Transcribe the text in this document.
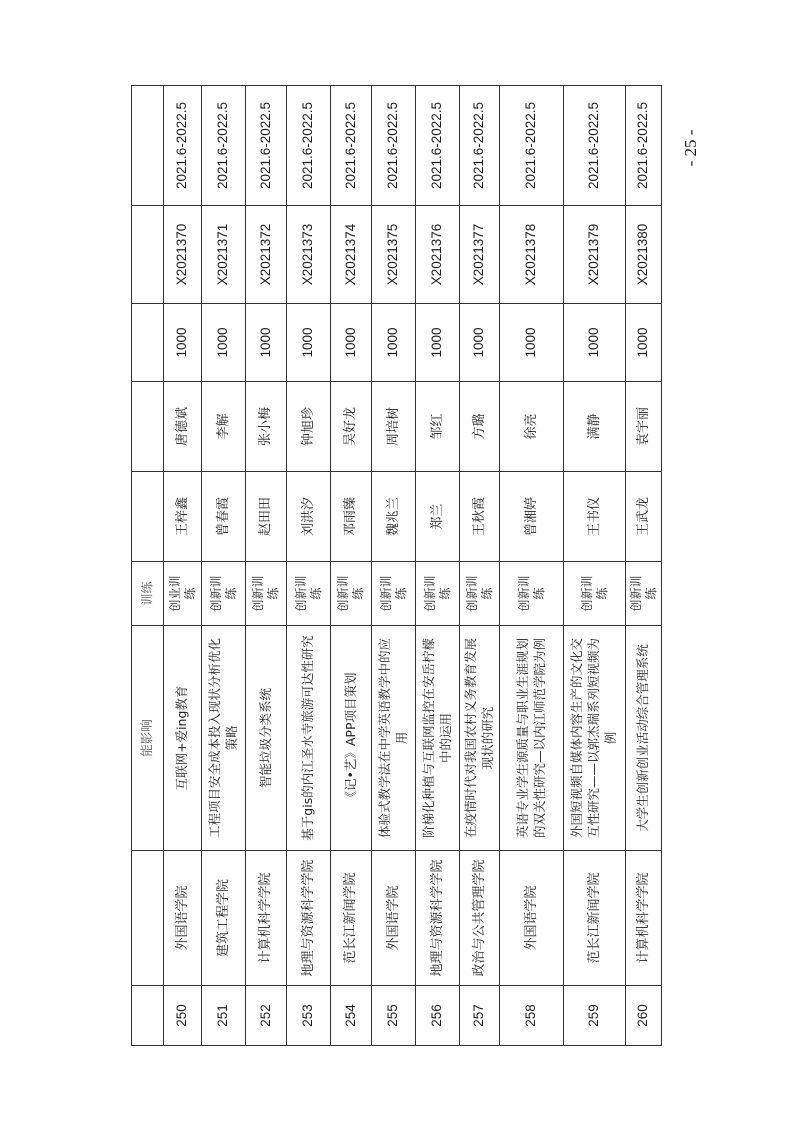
		能影响	训练					
250	外国语学院	互联网+爱ing教育	创业训练	王梓鑫	唐德斌	1000	X2021370	2021.6-2022.5
251	建筑工程学院	工程项目安全成本投入现状分析优化策略	创新训练	曾春霞	李解	1000	X2021371	2021.6-2022.5
252	计算机科学学院	智能垃圾分类系统	创新训练	赵田田	张小梅	1000	X2021372	2021.6-2022.5
253	地理与资源科学学院	基于gis的内江圣水寺旅游可达性研究	创新训练	刘洪汐	钟旭珍	1000	X2021373	2021.6-2022.5
254	范长江新闻学院	《记•艺》APP项目策划	创新训练	邓雨臻	吴好龙	1000	X2021374	2021.6-2022.5
255	外国语学院	体验式教学法在中学英语教学中的应用	创新训练	魏兆兰	周培树	1000	X2021375	2021.6-2022.5
256	地理与资源科学学院	阶梯化种植与互联网监控在安岳柠檬中的运用	创新训练	郑兰	邹红	1000	X2021376	2021.6-2022.5
257	政治与公共管理学院	在疫情时代对我国农村义务教育发展现状的研究	创新训练	王秋霞	方璐	1000	X2021377	2021.6-2022.5
258	外国语学院	英语专业学生源质量与职业生涯规划的双关性研究—以内江师范学院为例	创新训练	曾湘婷	徐亮	1000	X2021378	2021.6-2022.5
259	范长江新闻学院	外国短视频自媒体内容生产的文化交互性研究——以郭杰瑞系列短视频为例	创新训练	王书仪	满静	1000	X2021379	2021.6-2022.5
260	计算机科学学院	大学生创新创业活动综合管理系统	创新训练	王武龙	袁宇丽	1000	X2021380	2021.6-2022.5	- 25 -
